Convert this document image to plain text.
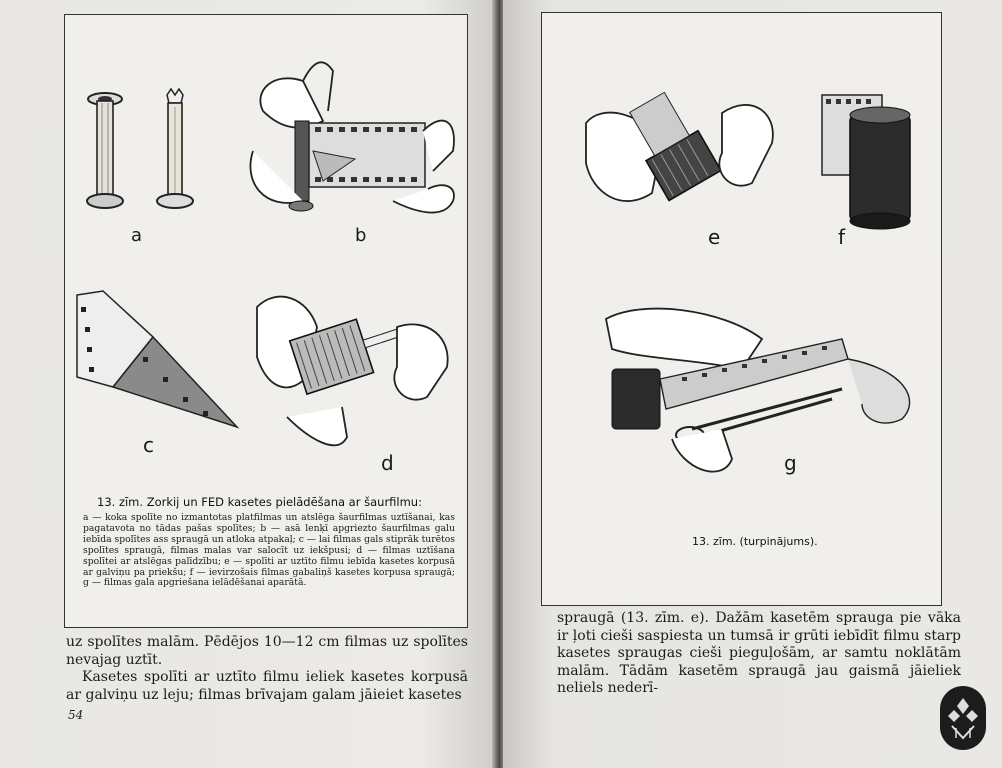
a	b
c
d
13. zīm. Zorkij un FED kasetes pielādēšana ar šaurfilmu:
a — koka spolīte no izmantotas platfilmas un atslēga šaurfilmas uztīšanai, kas pagatavota no tādas pašas spolītes; b — asā lenķī apgriezto šaurfilmas galu iebīda spolītes ass spraugā un atloka atpakaļ; c — lai filmas gals stiprāk turētos spolītes spraugā, filmas malas var salocīt uz iekšpusi; d — filmas uztīšana spolītei ar atslēgas palīdzību; e — spolīti ar uztīto filmu iebīda kasetes korpusā ar galviņu pa priekšu; f — ievirzošais filmas gabaliņš kasetes korpusa spraugā; g — filmas gala apgriešana ielādēšanai aparātā.

uz spolītes malām. Pēdējos 10—12 cm filmas uz spolītes nevajag uztīt.

Kasetes spolīti ar uztīto filmu ieliek kasetes korpusā ar galviņu uz leju; filmas brīvajam galam jāieiet kasetes

54
e	f
g
13. zīm. (turpinājums).

spraugā (13. zīm. e). Dažām kasetēm sprauga pie vāka ir ļoti cieši saspiesta un tumsā ir grūti iebīdīt filmu starp kasetes spraugas cieši pieguļošām, ar samtu noklātām malām. Tādām kasetēm spraugā jau gaismā jāieliek neliels nederī-
